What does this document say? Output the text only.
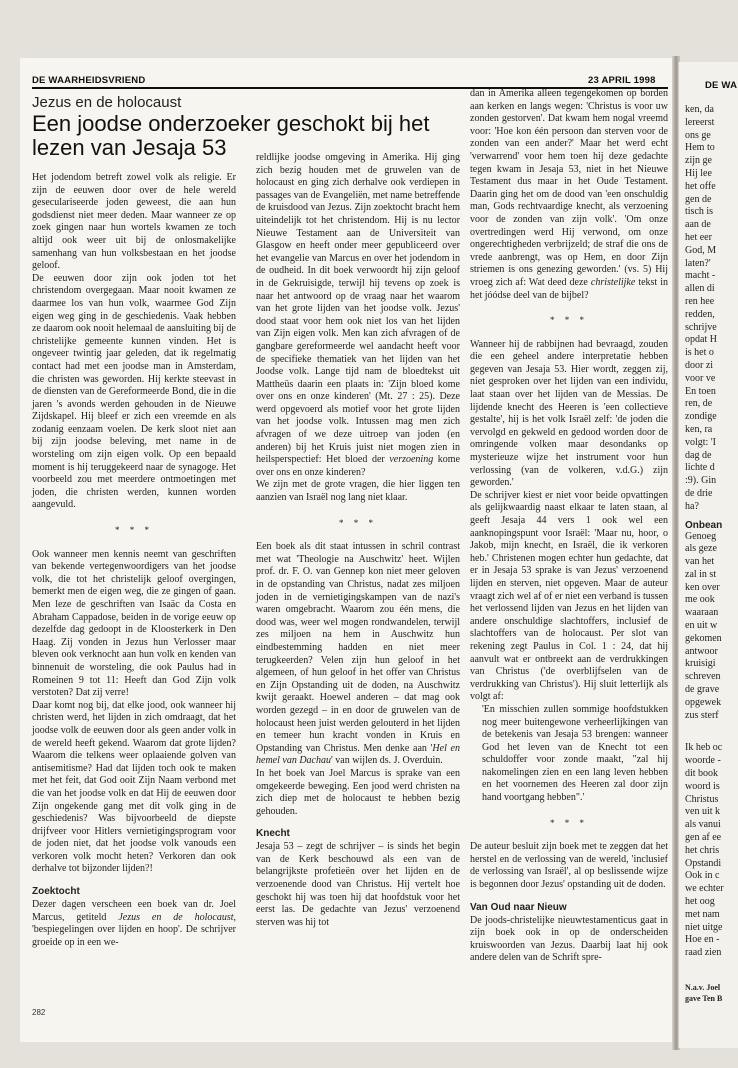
DE WA
ken, da
lereerst
ons ge
Hem to
zijn ge
Hij lee
het offe
gen de
tisch is
aan de
het eer
God, M
laten?'
macht -
allen di
ren hee
redden,
schrijve
opdat H
is het o
door zi
voor ve
En toen
ren, de
zondige
ken, ra
volgt: 'I
dag de
lichte d
:9). Gin
de drie
ha?
Onbean
Genoeg
als geze
van het
zal in st
ken over
me ook
waaraan
en uit w
gekomen
antwoor
kruisigi
schreven
de grave
opgewek
zus sterf
Ik heb oc
woorde -
dit book
woord is
Christus
ven uit k
als vanui
gen af ee
het chris
Opstandi
Ook in c
we echter
het oog
met nam
niet uitge
Hoe en -
raad zien
N.a.v. Joel
gave Ten B
DE WAARHEIDSVRIEND	23 APRIL 1998
Jezus en de holocaust
Een joodse onderzoeker geschokt bij het lezen van Jesaja 53

Het jodendom betreft zowel volk als religie. Er zijn de eeuwen door over de hele wereld geseculariseerde joden geweest, die aan hun godsdienst niet meer deden. Maar wanneer ze op zoek gingen naar hun wortels kwamen ze toch altijd ook weer uit bij de onlosmakelijke samenhang van hun volksbestaan en het joodse geloof.

De eeuwen door zijn ook joden tot het christendom overgegaan. Maar nooit kwamen ze daarmee los van hun volk, waarmee God Zijn eigen weg ging in de geschiedenis. Vaak hebben ze daarom ook nooit helemaal de aansluiting bij de christelijke gemeente kunnen vinden. Het is ongeveer twintig jaar geleden, dat ik regelmatig contact had met een joodse man in Amsterdam, die christen was geworden. Hij kerkte steevast in de diensten van de Gereformeerde Bond, die in die jaren 's avonds werden gehouden in de Nieuwe Zijdskapel. Hij bleef er zich een vreemde en als zodanig eenzaam voelen. De kerk sloot niet aan bij zijn joodse beleving, met name in de worsteling om zijn eigen volk. Op een bepaald moment is hij teruggekeerd naar de synagoge. Het voorbeeld zou met meerdere ontmoetingen met joden, die christen werden, kunnen worden aangevuld.

* * *

Ook wanneer men kennis neemt van geschriften van bekende vertegenwoordigers van het joodse volk, die tot het christelijk geloof overgingen, bemerkt men de eigen weg, die ze gingen of gaan. Men leze de geschriften van Isaäc da Costa en Abraham Cappadose, beiden in de vorige eeuw op dezelfde dag gedoopt in de Kloosterkerk in Den Haag. Zij vonden in Jezus hun Verlosser maar bleven ook verknocht aan hun volk en kenden van binnenuit de worsteling, die ook Paulus had in Romeinen 9 tot 11: Heeft dan God Zijn volk verstoten? Dat zij verre!

Daar komt nog bij, dat elke jood, ook wanneer hij christen werd, het lijden in zich omdraagt, dat het joodse volk de eeuwen door als geen ander volk in de wereld heeft gekend. Waarom dat grote lijden? Waarom die telkens weer oplaaiende golven van antisemitisme? Had dat lijden toch ook te maken met het feit, dat God ooit Zijn Naam verbond met die van het joodse volk en dat Hij de eeuwen door Zijn ongekende gang met dit volk ging in de geschiedenis? Was bijvoorbeeld de diepste drijfveer voor Hitlers vernietigingsprogram voor de joden niet, dat het joodse volk vanouds een verkoren volk mocht heten? Verkoren dan ook derhalve tot bijzonder lijden?!

Zoektocht

Dezer dagen verscheen een boek van dr. Joel Marcus, getiteld Jezus en de holocaust, 'bespiegelingen over lijden en hoop'. De schrijver groeide op in een we-

reldlijke joodse omgeving in Amerika. Hij ging zich bezig houden met de gruwelen van de holocaust en ging zich derhalve ook verdiepen in passages van de Evangeliën, met name betreffende de kruisdood van Jezus. Zijn zoektocht bracht hem uiteindelijk tot het christendom. Hij is nu lector Nieuwe Testament aan de Universiteit van Glasgow en heeft onder meer gepubliceerd over het evangelie van Marcus en over het jodendom in de oudheid. In dit boek verwoordt hij zijn geloof in de Gekruisigde, terwijl hij tevens op zoek is naar het antwoord op de vraag naar het waarom van het grote lijden van het joodse volk. Jezus' dood staat voor hem ook niet los van het lijden van Zijn eigen volk. Men kan zich afvragen of de gangbare gereformeerde wel aandacht heeft voor de specifieke thematiek van het lijden van het Joodse volk. Lange tijd nam de bloedtekst uit Mattheüs daarin een plaats in: 'Zijn bloed kome over ons en onze kinderen' (Mt. 27 : 25). Deze werd opgevoerd als motief voor het grote lijden van het joodse volk. Intussen mag men zich afvragen of we deze uitroep van joden (en anderen) bij het Kruis juist niet mogen zien in heilsperspectief: Het bloed der verzoening kome over ons en onze kinderen?

We zijn met de grote vragen, die hier liggen ten aanzien van Israël nog lang niet klaar.

* * *

Een boek als dit staat intussen in schril contrast met wat 'Theologie na Auschwitz' heet. Wijlen prof. dr. F. O. van Gennep kon niet meer geloven in de opstanding van Christus, nadat zes miljoen joden in de vernietigingskampen van de nazi's waren omgebracht. Waarom zou één mens, die dood was, weer wel mogen rondwandelen, terwijl zes miljoen na hem in Auschwitz hun eindbestemming hadden en niet meer terugkeerden? Velen zijn hun geloof in het algemeen, of hun geloof in het offer van Christus en Zijn Opstanding uit de doden, na Auschwitz kwijt geraakt. Hoewel anderen – dat mag ook worden gezegd – in en door de gruwelen van de holocaust heen juist werden gelouterd in het lijden en temeer hun kracht vonden in Kruis en Opstanding van Christus. Men denke aan 'Hel en hemel van Dachau' van wijlen ds. J. Overduin.

In het boek van Joel Marcus is sprake van een omgekeerde beweging. Een jood werd christen na zich diep met de holocaust te hebben bezig gehouden.

Knecht

Jesaja 53 – zegt de schrijver – is sinds het begin van de Kerk beschouwd als een van de belangrijkste profetieën over het lijden en de verzoenende dood van Christus. Hij vertelt hoe geschokt hij was toen hij dat hoofdstuk voor het eerst las. De gedachte van Jezus' verzoenend sterven was hij tot

dan in Amerika alleen tegengekomen op borden aan kerken en langs wegen: 'Christus is voor uw zonden gestorven'. Dat kwam hem nogal vreemd voor: 'Hoe kon één persoon dan sterven voor de zonden van een ander?' Maar het werd echt 'verwarrend' voor hem toen hij deze gedachte tegen kwam in Jesaja 53, niet in het Nieuwe Testament dus maar in het Oude Testament. Daarin ging het om de dood van 'een onschuldig man, Gods rechtvaardige knecht, als verzoening voor de zonden van zijn volk'. 'Om onze overtredingen werd Hij verwond, om onze ongerechtigheden verbrijzeld; de straf die ons de vrede aanbrengt, was op Hem, en door Zijn striemen is ons genezing geworden.' (vs. 5) Hij vroeg zich af: Wat deed deze christelijke tekst in het jóódse deel van de bijbel?

* * *

Wanneer hij de rabbijnen had bevraagd, zouden die een geheel andere interpretatie hebben gegeven van Jesaja 53. Hier wordt, zeggen zij, niet gesproken over het lijden van een individu, laat staan over het lijden van de Messias. De lijdende knecht des Heeren is 'een collectieve gestalte', hij is het volk Israël zelf: 'de joden die vervolgd en gekweld en gedood worden door de omringende volken maar desondanks op mysterieuze wijze het instrument voor hun verlossing (van de volkeren, v.d.G.) zijn geworden.'

De schrijver kiest er niet voor beide opvattingen als gelijkwaardig naast elkaar te laten staan, al geeft Jesaja 44 vers 1 ook wel een aanknopingspunt voor Israël: 'Maar nu, hoor, o Jakob, mijn knecht, en Israël, die ik verkoren heb.' Christenen mogen echter hun gedachte, dat er in Jesaja 53 sprake is van Jezus' verzoenend lijden en sterven, niet opgeven. Maar de auteur vraagt zich wel af of er niet een verband is tussen het verlossend lijden van Jezus en het lijden van andere onschuldige slachtoffers, inclusief de slachtoffers van de holocaust. Per slot van rekening zegt Paulus in Col. 1 : 24, dat hij aanvult wat er ontbreekt aan de verdrukkingen van Christus ('de overblijfselen van de verdrukking van Christus'). Hij sluit letterlijk als volgt af:

'En misschien zullen sommige hoofdstukken nog meer buitengewone verheerlijkingen van de betekenis van Jesaja 53 brengen: wanneer God het leven van de Knecht tot een schuldoffer voor zonde maakt, "zal hij nakomelingen zien en een lang leven hebben en het voornemen des Heeren zal door zijn hand voortgang hebben".'

* * *

De auteur besluit zijn boek met te zeggen dat het herstel en de verlossing van de wereld, 'inclusief de verlossing van Israël', al op beslissende wijze is begonnen door Jezus' opstanding uit de doden.

Van Oud naar Nieuw

De joods-christelijke nieuwtestamenticus gaat in zijn boek ook in op de onderscheiden kruiswoorden van Jezus. Daarbij laat hij ook andere delen van de Schrift spre-

282
